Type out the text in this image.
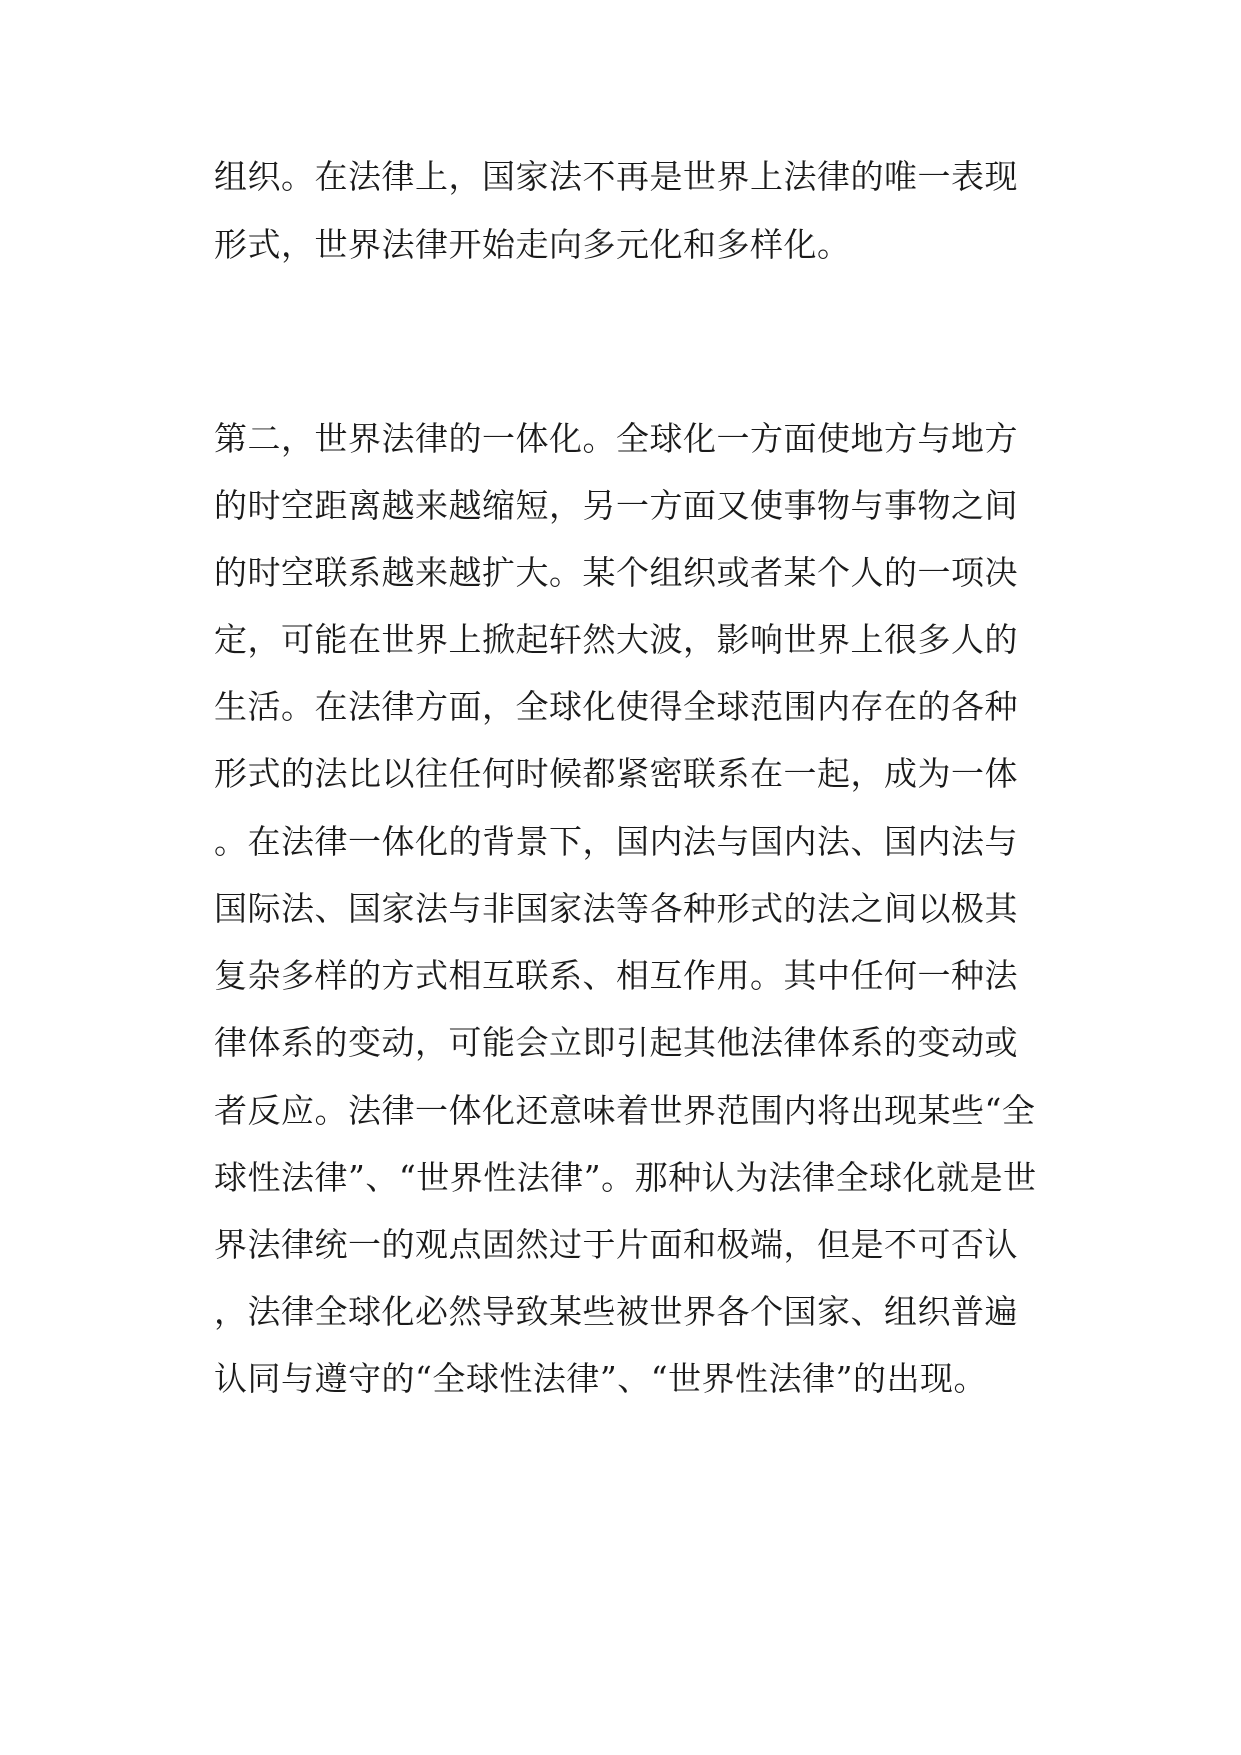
组织。在法律上，国家法不再是世界上法律的唯一表现
形式，世界法律开始走向多元化和多样化。
第二，世界法律的一体化。全球化一方面使地方与地方
的时空距离越来越缩短，另一方面又使事物与事物之间
的时空联系越来越扩大。某个组织或者某个人的一项决
定，可能在世界上掀起轩然大波，影响世界上很多人的
生活。在法律方面，全球化使得全球范围内存在的各种
形式的法比以往任何时候都紧密联系在一起，成为一体
。在法律一体化的背景下，国内法与国内法、国内法与
国际法、国家法与非国家法等各种形式的法之间以极其
复杂多样的方式相互联系、相互作用。其中任何一种法
律体系的变动，可能会立即引起其他法律体系的变动或
者反应。法律一体化还意味着世界范围内将出现某些“全
球性法律”、“世界性法律”。那种认为法律全球化就是世
界法律统一的观点固然过于片面和极端，但是不可否认
，法律全球化必然导致某些被世界各个国家、组织普遍
认同与遵守的“全球性法律”、“世界性法律”的出现。
